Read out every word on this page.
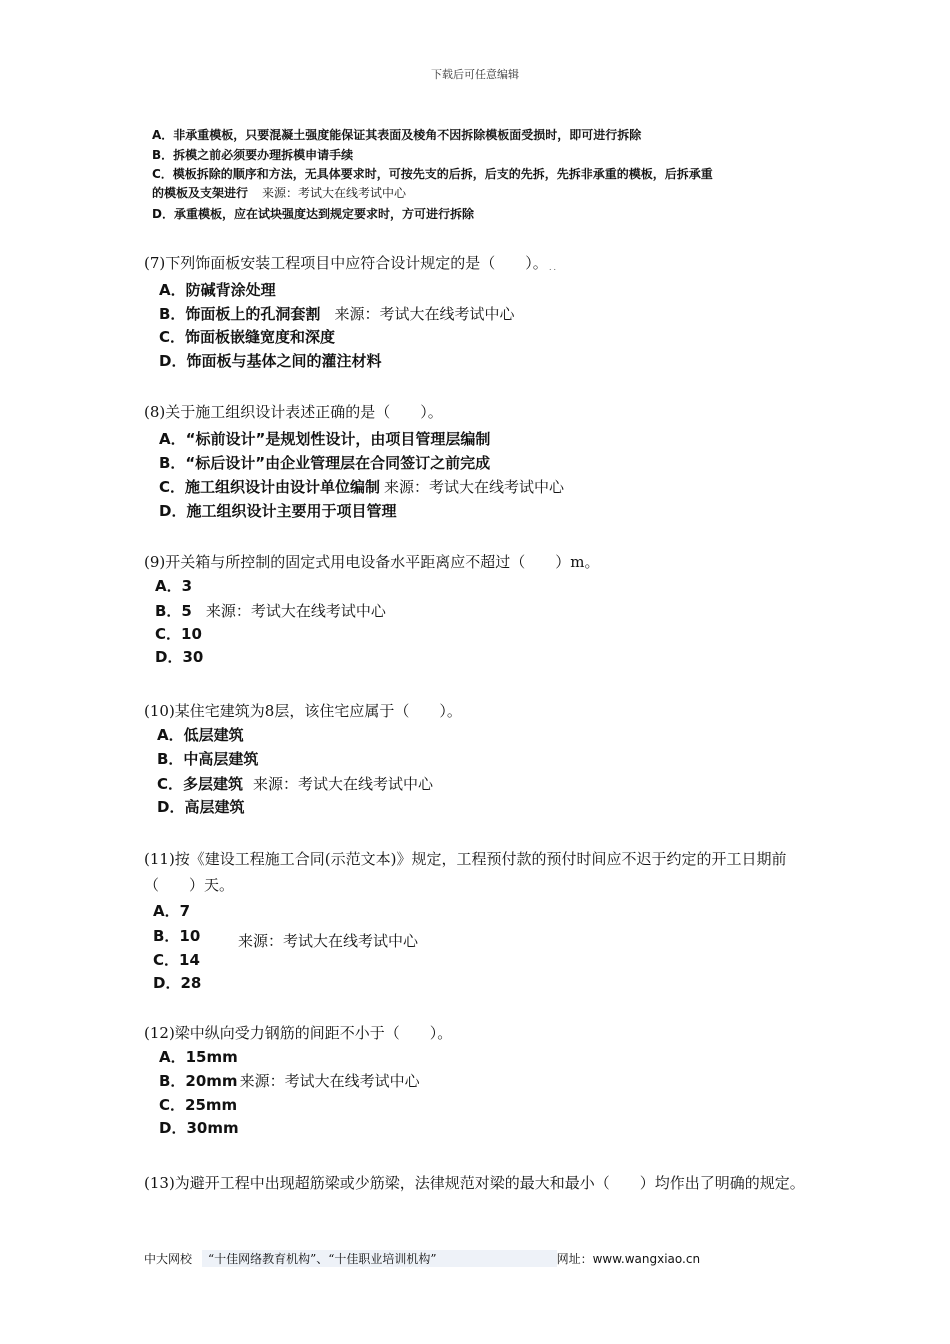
下载后可任意编辑
A．非承重模板，只要混凝土强度能保证其表面及棱角不因拆除模板面受损时，即可进行拆除
B．拆模之前必须要办理拆模申请手续
C．模板拆除的顺序和方法，无具体要求时，可按先支的后拆，后支的先拆，先拆非承重的模板，后拆承重
的模板及支架进行 来源：考试大在线考试中心
D．承重模板，应在试块强度达到规定要求时，方可进行拆除
(7)下列饰面板安装工程项目中应符合设计规定的是（　　）。
˙˙
A．防碱背涂处理
B．饰面板上的孔洞套割 来源：考试大在线考试中心
C．饰面板嵌缝宽度和深度
D．饰面板与基体之间的灌注材料
(8)关于施工组织设计表述正确的是（　　）。
A．“标前设计”是规划性设计，由项目管理层编制
B．“标后设计”由企业管理层在合同签订之前完成
C．施工组织设计由设计单位编制 来源：考试大在线考试中心
D．施工组织设计主要用于项目管理
(9)开关箱与所控制的固定式用电设备水平距离应不超过（　　）m。
A．3
B．5 来源：考试大在线考试中心
C．10
D．30
(10)某住宅建筑为8层，该住宅应属于（　　）。
A．低层建筑
B．中高层建筑
C．多层建筑 来源：考试大在线考试中心
D．高层建筑
(11)按《建设工程施工合同(示范文本)》规定，工程预付款的预付时间应不迟于约定的开工日期前（　　）天。
A．7
B．10
C．14
D．28
来源：考试大在线考试中心
(12)梁中纵向受力钢筋的间距不小于（　　）。
A．15mm
B．20mm 来源：考试大在线考试中心
C．25mm
D．30mm
(13)为避开工程中出现超筋梁或少筋梁，法律规范对梁的最大和最小（　　）均作出了明确的规定。
中大网校 “十佳网络教育机构”、“十佳职业培训机构”	网址：www.wangxiao.cn
